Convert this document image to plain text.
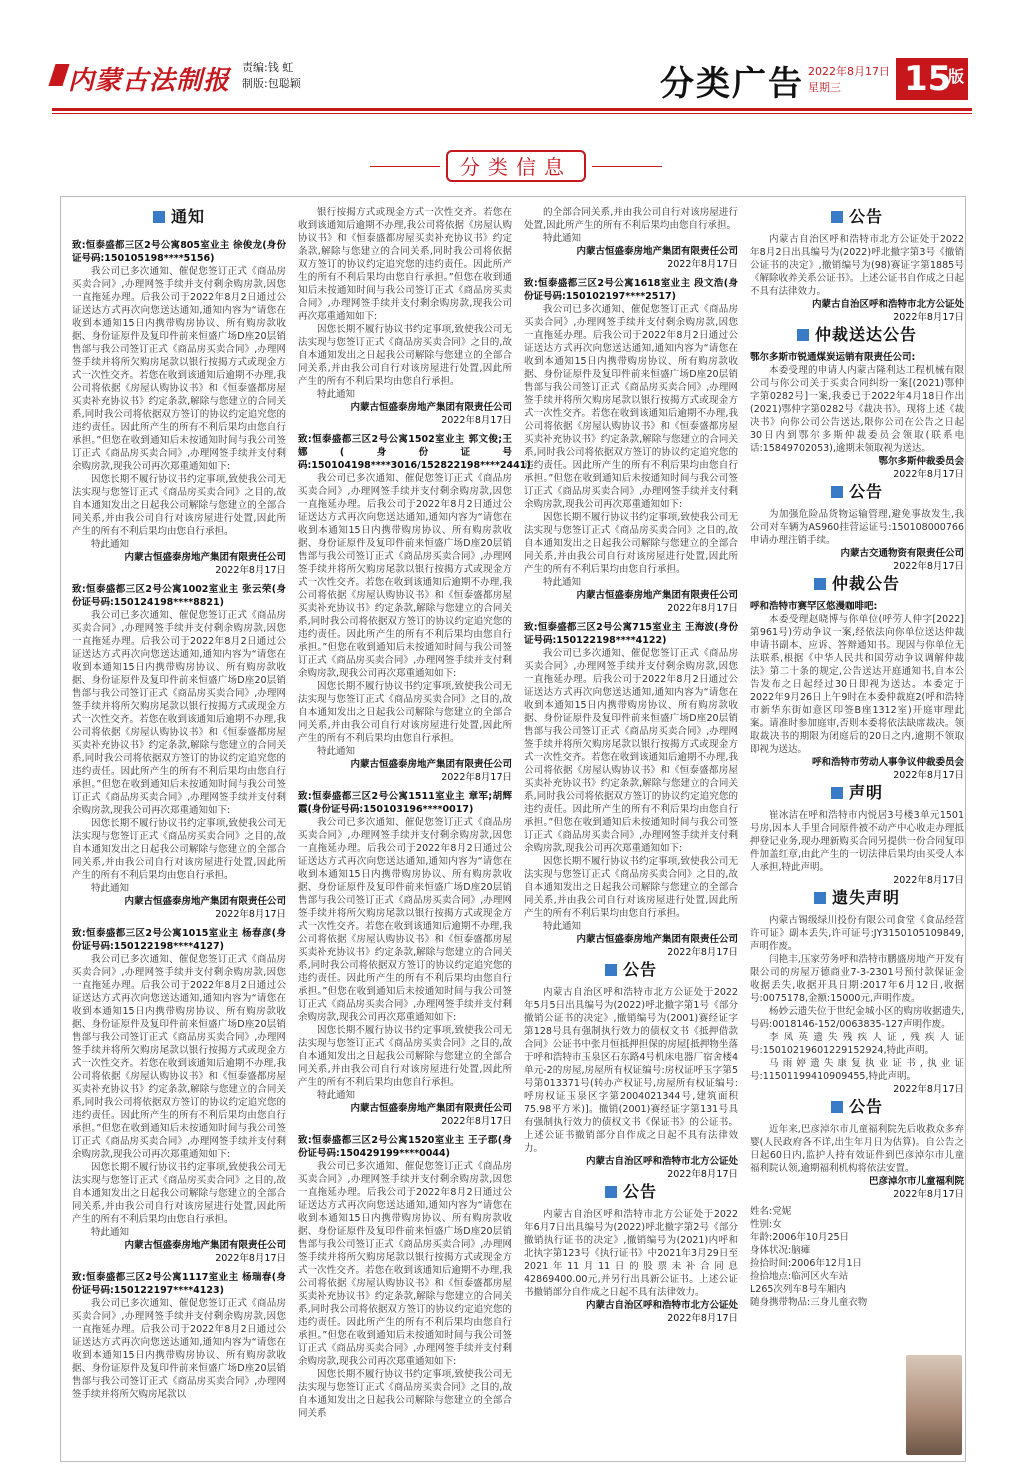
内蒙古法制报 责编:钱 虹
制版:包聪颖	分类广告 2022年8月17日
星期三	15
版
分类信息
通知
致:恒泰盛都三区2号公寓805室业主 徐俊龙(身份证号码:150105198****5156)

我公司已多次通知、催促您签订正式《商品房买卖合同》,办理网签手续并支付剩余购房款,因您一直拖延办理。后我公司于2022年8月2日通过公证送达方式再次向您送达通知,通知内容为“请您在收到本通知15日内携带购房协议、所有购房款收据、身份证原件及复印件前来恒盛广场D座20层销售部与我公司签订正式《商品房买卖合同》,办理网签手续并将所欠购房尾款以银行按揭方式或现金方式一次性交齐。若您在收到该通知后逾期不办理,我公司将依据《房屋认购协议书》和《恒泰盛都房屋买卖补充协议书》约定条款,解除与您建立的合同关系,同时我公司将依据双方签订的协议约定追究您的违约责任。因此所产生的所有不利后果均由您自行承担。”但您在收到通知后未按通知时间与我公司签订正式《商品房买卖合同》,办理网签手续并支付剩余购房款,现我公司再次郑重通知如下:

因您长期不履行协议书约定事项,致使我公司无法实现与您签订正式《商品房买卖合同》之目的,故自本通知发出之日起我公司解除与您建立的全部合同关系,并由我公司自行对该房屋进行处置,因此所产生的所有不利后果均由您自行承担。

特此通知

内蒙古恒盛泰房地产集团有限责任公司
2022年8月17日
致:恒泰盛都三区2号公寓1002室业主 张云荣(身份证号码:150124198****8821)

我公司已多次通知、催促您签订正式《商品房买卖合同》,办理网签手续并支付剩余购房款,因您一直拖延办理。后我公司于2022年8月2日通过公证送达方式再次向您送达通知,通知内容为“请您在收到本通知15日内携带购房协议、所有购房款收据、身份证原件及复印件前来恒盛广场D座20层销售部与我公司签订正式《商品房买卖合同》,办理网签手续并将所欠购房尾款以银行按揭方式或现金方式一次性交齐。若您在收到该通知后逾期不办理,我公司将依据《房屋认购协议书》和《恒泰盛都房屋买卖补充协议书》约定条款,解除与您建立的合同关系,同时我公司将依据双方签订的协议约定追究您的违约责任。因此所产生的所有不利后果均由您自行承担。”但您在收到通知后未按通知时间与我公司签订正式《商品房买卖合同》,办理网签手续并支付剩余购房款,现我公司再次郑重通知如下:

因您长期不履行协议书约定事项,致使我公司无法实现与您签订正式《商品房买卖合同》之目的,故自本通知发出之日起我公司解除与您建立的全部合同关系,并由我公司自行对该房屋进行处置,因此所产生的所有不利后果均由您自行承担。

特此通知

内蒙古恒盛泰房地产集团有限责任公司
2022年8月17日
致:恒泰盛都三区2号公寓1015室业主 杨春彦(身份证号码:150122198****4127)

我公司已多次通知、催促您签订正式《商品房买卖合同》,办理网签手续并支付剩余购房款,因您一直拖延办理。后我公司于2022年8月2日通过公证送达方式再次向您送达通知,通知内容为“请您在收到本通知15日内携带购房协议、所有购房款收据、身份证原件及复印件前来恒盛广场D座20层销售部与我公司签订正式《商品房买卖合同》,办理网签手续并将所欠购房尾款以银行按揭方式或现金方式一次性交齐。若您在收到该通知后逾期不办理,我公司将依据《房屋认购协议书》和《恒泰盛都房屋买卖补充协议书》约定条款,解除与您建立的合同关系,同时我公司将依据双方签订的协议约定追究您的违约责任。因此所产生的所有不利后果均由您自行承担。”但您在收到通知后未按通知时间与我公司签订正式《商品房买卖合同》,办理网签手续并支付剩余购房款,现我公司再次郑重通知如下:

因您长期不履行协议书约定事项,致使我公司无法实现与您签订正式《商品房买卖合同》之目的,故自本通知发出之日起我公司解除与您建立的全部合同关系,并由我公司自行对该房屋进行处置,因此所产生的所有不利后果均由您自行承担。

特此通知

内蒙古恒盛泰房地产集团有限责任公司
2022年8月17日
致:恒泰盛都三区2号公寓1117室业主 杨瑞春(身份证号码:150122197****4123)

我公司已多次通知、催促您签订正式《商品房买卖合同》,办理网签手续并支付剩余购房款,因您一直拖延办理。后我公司于2022年8月2日通过公证送达方式再次向您送达通知,通知内容为“请您在收到本通知15日内携带购房协议、所有购房款收据、身份证原件及复印件前来恒盛广场D座20层销售部与我公司签订正式《商品房买卖合同》,办理网签手续并将所欠购房尾款以

银行按揭方式或现金方式一次性交齐。若您在收到该通知后逾期不办理,我公司将依据《房屋认购协议书》和《恒泰盛都房屋买卖补充协议书》约定条款,解除与您建立的合同关系,同时我公司将依据双方签订的协议约定追究您的违约责任。因此所产生的所有不利后果均由您自行承担。”但您在收到通知后未按通知时间与我公司签订正式《商品房买卖合同》,办理网签手续并支付剩余购房款,现我公司再次郑重通知如下:

因您长期不履行协议书约定事项,致使我公司无法实现与您签订正式《商品房买卖合同》之目的,故自本通知发出之日起我公司解除与您建立的全部合同关系,并由我公司自行对该房屋进行处置,因此所产生的所有不利后果均由您自行承担。

特此通知

内蒙古恒盛泰房地产集团有限责任公司
2022年8月17日
致:恒泰盛都三区2号公寓1502室业主 郭文俊;王娜(身份证号码:150104198****3016/152822198****2441)

我公司已多次通知、催促您签订正式《商品房买卖合同》,办理网签手续并支付剩余购房款,因您一直拖延办理。后我公司于2022年8月2日通过公证送达方式再次向您送达通知,通知内容为“请您在收到本通知15日内携带购房协议、所有购房款收据、身份证原件及复印件前来恒盛广场D座20层销售部与我公司签订正式《商品房买卖合同》,办理网签手续并将所欠购房尾款以银行按揭方式或现金方式一次性交齐。若您在收到该通知后逾期不办理,我公司将依据《房屋认购协议书》和《恒泰盛都房屋买卖补充协议书》约定条款,解除与您建立的合同关系,同时我公司将依据双方签订的协议约定追究您的违约责任。因此所产生的所有不利后果均由您自行承担。”但您在收到通知后未按通知时间与我公司签订正式《商品房买卖合同》,办理网签手续并支付剩余购房款,现我公司再次郑重通知如下:

因您长期不履行协议书约定事项,致使我公司无法实现与您签订正式《商品房买卖合同》之目的,故自本通知发出之日起我公司解除与您建立的全部合同关系,并由我公司自行对该房屋进行处置,因此所产生的所有不利后果均由您自行承担。

特此通知

内蒙古恒盛泰房地产集团有限责任公司
2022年8月17日
致:恒泰盛都三区2号公寓1511室业主 章军;胡辉霞(身份证号码:150103196****0017)

我公司已多次通知、催促您签订正式《商品房买卖合同》,办理网签手续并支付剩余购房款,因您一直拖延办理。后我公司于2022年8月2日通过公证送达方式再次向您送达通知,通知内容为“请您在收到本通知15日内携带购房协议、所有购房款收据、身份证原件及复印件前来恒盛广场D座20层销售部与我公司签订正式《商品房买卖合同》,办理网签手续并将所欠购房尾款以银行按揭方式或现金方式一次性交齐。若您在收到该通知后逾期不办理,我公司将依据《房屋认购协议书》和《恒泰盛都房屋买卖补充协议书》约定条款,解除与您建立的合同关系,同时我公司将依据双方签订的协议约定追究您的违约责任。因此所产生的所有不利后果均由您自行承担。”但您在收到通知后未按通知时间与我公司签订正式《商品房买卖合同》,办理网签手续并支付剩余购房款,现我公司再次郑重通知如下:

因您长期不履行协议书约定事项,致使我公司无法实现与您签订正式《商品房买卖合同》之目的,故自本通知发出之日起我公司解除与您建立的全部合同关系,并由我公司自行对该房屋进行处置,因此所产生的所有不利后果均由您自行承担。

特此通知

内蒙古恒盛泰房地产集团有限责任公司
2022年8月17日
致:恒泰盛都三区2号公寓1520室业主 王子郡(身份证号码:150429199****0044)

我公司已多次通知、催促您签订正式《商品房买卖合同》,办理网签手续并支付剩余购房款,因您一直拖延办理。后我公司于2022年8月2日通过公证送达方式再次向您送达通知,通知内容为“请您在收到本通知15日内携带购房协议、所有购房款收据、身份证原件及复印件前来恒盛广场D座20层销售部与我公司签订正式《商品房买卖合同》,办理网签手续并将所欠购房尾款以银行按揭方式或现金方式一次性交齐。若您在收到该通知后逾期不办理,我公司将依据《房屋认购协议书》和《恒泰盛都房屋买卖补充协议书》约定条款,解除与您建立的合同关系,同时我公司将依据双方签订的协议约定追究您的违约责任。因此所产生的所有不利后果均由您自行承担。”但您在收到通知后未按通知时间与我公司签订正式《商品房买卖合同》,办理网签手续并支付剩余购房款,现我公司再次郑重通知如下:

因您长期不履行协议书约定事项,致使我公司无法实现与您签订正式《商品房买卖合同》之目的,故自本通知发出之日起我公司解除与您建立的全部合同关系

的全部合同关系,并由我公司自行对该房屋进行处置,因此所产生的所有不利后果均由您自行承担。

特此通知

内蒙古恒盛泰房地产集团有限责任公司
2022年8月17日
致:恒泰盛都三区2号公寓1618室业主 段文浩(身份证号码:150102197****2517)

我公司已多次通知、催促您签订正式《商品房买卖合同》,办理网签手续并支付剩余购房款,因您一直拖延办理。后我公司于2022年8月2日通过公证送达方式再次向您送达通知,通知内容为“请您在收到本通知15日内携带购房协议、所有购房款收据、身份证原件及复印件前来恒盛广场D座20层销售部与我公司签订正式《商品房买卖合同》,办理网签手续并将所欠购房尾款以银行按揭方式或现金方式一次性交齐。若您在收到该通知后逾期不办理,我公司将依据《房屋认购协议书》和《恒泰盛都房屋买卖补充协议书》约定条款,解除与您建立的合同关系,同时我公司将依据双方签订的协议约定追究您的违约责任。因此所产生的所有不利后果均由您自行承担。”但您在收到通知后未按通知时间与我公司签订正式《商品房买卖合同》,办理网签手续并支付剩余购房款,现我公司再次郑重通知如下:

因您长期不履行协议书约定事项,致使我公司无法实现与您签订正式《商品房买卖合同》之目的,故自本通知发出之日起我公司解除与您建立的全部合同关系,并由我公司自行对该房屋进行处置,因此所产生的所有不利后果均由您自行承担。

特此通知

内蒙古恒盛泰房地产集团有限责任公司
2022年8月17日
致:恒泰盛都三区2号公寓715室业主 王海波(身份证号码:150122198****4122)

我公司已多次通知、催促您签订正式《商品房买卖合同》,办理网签手续并支付剩余购房款,因您一直拖延办理。后我公司于2022年8月2日通过公证送达方式再次向您送达通知,通知内容为“请您在收到本通知15日内携带购房协议、所有购房款收据、身份证原件及复印件前来恒盛广场D座20层销售部与我公司签订正式《商品房买卖合同》,办理网签手续并将所欠购房尾款以银行按揭方式或现金方式一次性交齐。若您在收到该通知后逾期不办理,我公司将依据《房屋认购协议书》和《恒泰盛都房屋买卖补充协议书》约定条款,解除与您建立的合同关系,同时我公司将依据双方签订的协议约定追究您的违约责任。因此所产生的所有不利后果均由您自行承担。”但您在收到通知后未按通知时间与我公司签订正式《商品房买卖合同》,办理网签手续并支付剩余购房款,现我公司再次郑重通知如下:

因您长期不履行协议书约定事项,致使我公司无法实现与您签订正式《商品房买卖合同》之目的,故自本通知发出之日起我公司解除与您建立的全部合同关系,并由我公司自行对该房屋进行处置,因此所产生的所有不利后果均由您自行承担。

特此通知

内蒙古恒盛泰房地产集团有限责任公司
2022年8月17日
公告

内蒙古自治区呼和浩特市北方公证处于2022年5月5日出具编号为(2022)呼北撤字第1号《部分撤销公证书的决定》,撤销编号为(2001)赛经证字第128号具有强制执行效力的债权文书《抵押借款合同》公证书中张月恒抵押担保的房屋[抵押物坐落于呼和浩特市玉泉区石东路4号机床电器厂宿舍楼4单元-2的房屋,房屋所有权证编号:房权证呼玉字第5号第013371号(转办产权证号,房屋所有权证编号:呼房权证玉泉区字第2004021344号,建筑面积75.98平方米)]。撤销(2001)赛经证字第131号具有强制执行效力的债权文书《保证书》的公证书。上述公证书撤销部分自作成之日起不具有法律效力。

内蒙古自治区呼和浩特市北方公证处
2022年8月17日
公告

内蒙古自治区呼和浩特市北方公证处于2022年6月7日出具编号为(2022)呼北撤字第2号《部分撤销执行证书的决定》,撤销编号为(2021)内呼和北执字第123号《执行证书》中2021年3月29日至2021年11月11日的股票未补合同息42869400.00元,并另行出具新公证书。上述公证书撤销部分自作成之日起不具有法律效力。

内蒙古自治区呼和浩特市北方公证处
2022年8月17日
公告

内蒙古自治区呼和浩特市北方公证处于2022年8月2日出具编号为(2022)呼北撤字第3号《撤销公证书的决定》,撤销编号为(98)赛证字第1885号《解除收养关系公证书》。上述公证书自作成之日起不具有法律效力。

内蒙古自治区呼和浩特市北方公证处
2022年8月17日
仲裁送达公告
鄂尔多斯市锐通煤炭运销有限责任公司:

本委受理的申请人内蒙古隆利达工程机械有限公司与你公司关于买卖合同纠纷一案[(2021)鄂仲字第0282号]一案,我委已于2022年4月18日作出(2021)鄂仲字第0282号《裁决书》。现将上述《裁决书》向你公司公告送达,限你公司在公告之日起30日内到鄂尔多斯仲裁委员会领取(联系电话:15849702053),逾期未领取视为送达。

鄂尔多斯仲裁委员会
2022年8月17日
公告

为加强危险品货物运输管理,避免事故发生,我公司对车辆为AS960挂营运证号:150108000766申请办理注销手续。

内蒙古交通物资有限责任公司
2022年8月17日
仲裁公告
呼和浩特市赛罕区悠漫咖啡吧:

本委受理赵晓博与你单位(呼劳人仲字[2022]第961号)劳动争议一案,经依法向你单位送达仲裁申请书副本、应诉、答辩通知书。现因与你单位无法联系,根据《中华人民共和国劳动争议调解仲裁法》第二十条的规定,公告送达开庭通知书,自本公告发布之日起经过30日即视为送达。本委定于2022年9月26日上午9时在本委仲裁庭2(呼和浩特市新华东街如意区印签B座1312室)开庭审理此案。请准时参加庭审,否则本委将依法缺席裁决。领取裁决书的期限为闭庭后的20日之内,逾期不领取即视为送达。

呼和浩特市劳动人事争议仲裁委员会
2022年8月17日
声明

崔冰洁在呼和浩特市内悦居3号楼3单元1501号房,因本人手里合同原件被不动产中心收走办理抵押登记业务,现办理新购买合同另提供一份合同复印件加盖红章,由此产生的一切法律后果均由买受人本人承担,特此声明。

2022年8月17日
遗失声明

内蒙古锡级绿川投份有限公司食堂《食品经营许可证》副本丢失,许可证号:JY3150105109849,声明作废。

闫艳丰,压家劳务呼和浩特市鹏盛房地产开发有限公司的房屋万德商业7-3-2301号预付款保证金收据丢失,收据开具日期:2017年6月12日,收据号:0075178,金额:15000元,声明作废。

杨妙云遗失位于世纪金城小区的购房收据遗失,号码:0018146-152/0063835-127声明作废。

李凤英遗失残疾人证,残疾人证号:15010219601229152924,特此声明。

马雨婷遗失康复执业证书,执业证号:11501199410909455,特此声明。

2022年8月17日
公告

近年来,巴彦淖尔市儿童福利院先后收救众多弃婴(人民政府各不详,出生年月日为估算)。自公告之日起60日内,监护人持有效证件到巴彦淖尔市儿童福利院认领,逾期福利机构将依法安置。

巴彦淖尔市儿童福利院
2022年8月17日
姓名:党妮
性别:女
年龄:2006年10月25日
身体状况:脑瘫
捡拾时间:2006年12月1日
捡拾地点:临河区火车站
L265次列车8号车厢内
随身携带物品:三身儿童衣物
